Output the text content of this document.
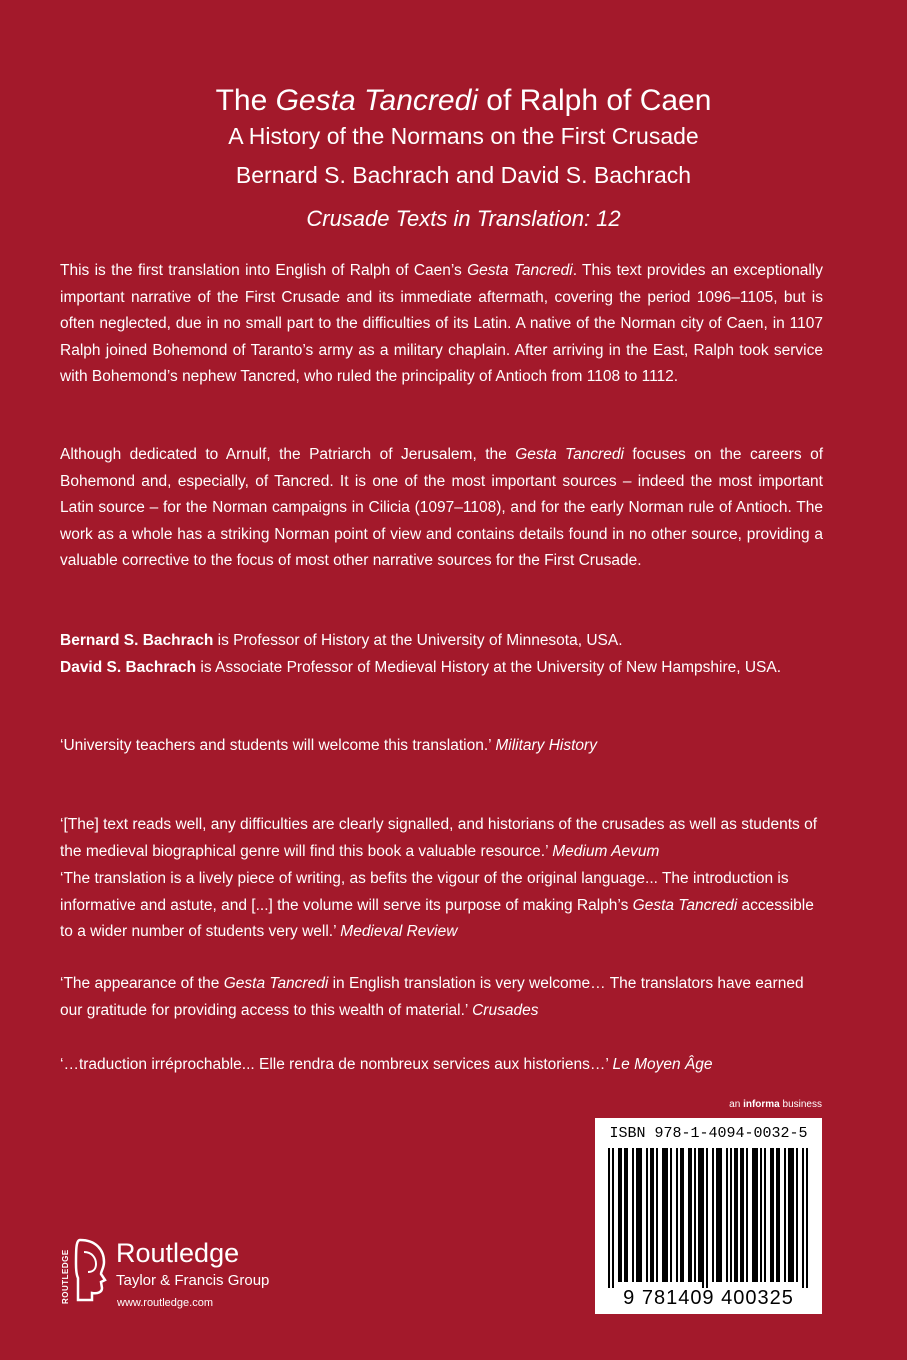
The Gesta Tancredi of Ralph of Caen
A History of the Normans on the First Crusade
Bernard S. Bachrach and David S. Bachrach
Crusade Texts in Translation: 12

This is the first translation into English of Ralph of Caen’s Gesta Tancredi. This text provides an exceptionally important narrative of the First Crusade and its immediate aftermath, covering the period 1096–1105, but is often neglected, due in no small part to the difficulties of its Latin. A native of the Norman city of Caen, in 1107 Ralph joined Bohemond of Taranto’s army as a military chaplain. After arriving in the East, Ralph took service with Bohemond’s nephew Tancred, who ruled the principality of Antioch from 1108 to 1112.

Although dedicated to Arnulf, the Patriarch of Jerusalem, the Gesta Tancredi focuses on the careers of Bohemond and, especially, of Tancred. It is one of the most important sources – indeed the most important Latin source – for the Norman campaigns in Cilicia (1097–1108), and for the early Norman rule of Antioch. The work as a whole has a striking Norman point of view and contains details found in no other source, providing a valuable corrective to the focus of most other narrative sources for the First Crusade.

Bernard S. Bachrach is Professor of History at the University of Minnesota, USA.

David S. Bachrach is Associate Professor of Medieval History at the University of New Hampshire, USA.

‘University teachers and students will welcome this translation.’ Military History

‘[The] text reads well, any difficulties are clearly signalled, and historians of the crusades as well as students of the medieval biographical genre will find this book a valuable resource.’ Medium Aevum

‘The translation is a lively piece of writing, as befits the vigour of the original language... The introduction is informative and astute, and [...] the volume will serve its purpose of making Ralph’s Gesta Tancredi accessible to a wider number of students very well.’ Medieval Review

‘The appearance of the Gesta Tancredi in English translation is very welcome… The translators have earned our gratitude for providing access to this wealth of material.’ Crusades

‘…traduction irréprochable... Elle rendra de nombreux services aux historiens…’ Le Moyen Âge

an informa business
ISBN 978-1-4094-0032-5
9 781409 400325
ROUTLEDGE Routledge
Taylor & Francis Group
www.routledge.com
